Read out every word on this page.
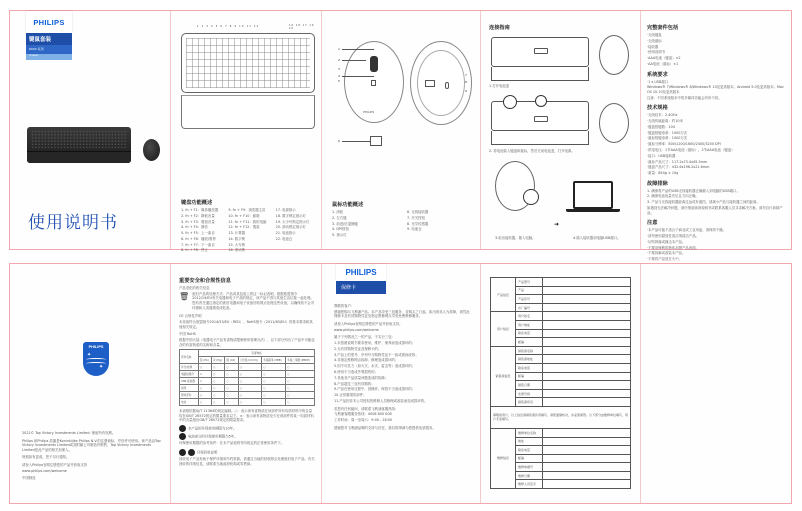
PHILIPS
键鼠套装
6000 系列
SPT6608
使用说明书
1 2 3 4 5 6 7 8 9 10 11 12	16 18 17 19 20
键盘功能概述

1. fn + F1：媒体播放器

2. fn + F2：降低音量

3. fn + F3：增加音量

4. fn + F4：静音

5. fn + F5：上一曲目

6. fn + F6：播放/暂停

7. fn + F7：下一曲目

8. fn + F8：停止

9. fn + F9：浏览器主页

10. fn + F10：邮箱

11. fn + F11：我的电脑

12. fn + F12：搜索

13. 计算器

14. 数字锁

15. 大写锁

16. 滚动锁

17. 电源指示

18. 数字锁定指示灯

19. 大小写锁定指示灯

20. 滚动锁定指示灯

21. 电池指示

22. 电池仓

PHILIPS
1
2
3
4
5
7
8
9
6
鼠标功能概述

1. 滚轮

2. 左右键

3. 前进/后退侧键

4. DPI按钮

5. 指示灯

6. 无线接收器

7. 开关按钮

8. 光学传感器

9. 电池仓

连接指南
1.打开电池盖
2. 将电池装入键盘和鼠标，然后关闭电池盖，打开电源。
➜
3.取出接收器，插入电脑。	4.插入接收器到电脑USB端口。
完整套件包括

·无线键盘

·无线鼠标

·接收器

·使用说明书

·AAA电池（键盘）×2

·AA电池（鼠标）×1

系统要求

·1 x USB端口

Windows® 7/Windows® 8/Windows® 10及更高版本，Android 5.0及更高版本；Mac OS 10.10及更高版本

注意：不同系统版本中的多媒体功能会有所不同。

技术规格

·无线技术：2.4GHz

·无线传输距离：约10米

·键盘按键数：104

·键盘按键寿命：1000万次

·鼠标按键寿命：1000万次

·鼠标分辨率：800/1200/1600/2400/3200 DPI

·供电电压：1节AAA电池（鼠标），2节AAA电池（键盘）

·接口：USB接收器

·鼠标产品尺寸：117.2x73.4x45.5mm

·键盘产品尺寸：432.6x196.2x21.6mm

·重量：854g ± 10g

故障排除

1. 确保将产品的USB无线接收器正确插入到电脑的USB端口。

2. 确保电池电量充足且方向正确。

3. 产品与无线接收器距离过远或有遮挡，请减小产品与接收器之间的距离。

如遇到无法解决问题，请仔细阅读该说明书或联系客服人员寻求解决方案。请勿自行拆卸产品。

注意

·本产品可能不适合于商业或工业用途，请保持干燥。

·请勿使用腐蚀性清洁剂清洁产品。

·切勿摔落或撞击本产品。

·不要用锋利的物体刮擦产品表面。

·不要拆解或改装本产品。

·不要将产品放在火中。

PHILIPS
✦
✦

2021© Top Victory Investments Limited. 保留所有权利。

Philips 和Philips 盾徽是Koninklijke Philips N.V.的注册商标，并经许可使用。该产品由Top Victory Investments Limited或其附属公司制造并销售，Top Victory Investments Limited是此产品的相关担保人。

规格如有更改，恕不另行通知。

请登入Philips官网注册您的产品并获取支持

www.philips.com/welcome

中国制造

重要安全和合规性信息

产品旧化的相关信息

🗑 废旧产品的处理方式：产品或其包装上的这一标记表明，根据欧盟指令2012/19/EU有关电器和电子产品的规定，该产品不得与其他生活垃圾一起处理。您有责任通过指定的废旧电器和电子设备回收网点处理这些设备，以确保其不会对环境和人类健康造成危害。

CE 合规性声明

本设备符合欧盟指令2014/53/EU（RED）、RoHS指令（2011/65/EU）的基本要求和其他相关规定。

中国 RoHS

根据中国大陆《电器电子产品有害物质限制使用管理办法》，以下部分列出了产品中可能包含的有害物质的名称和含量。

部件名称	有害物质					
	铅 (Pb)	汞 (Hg)	镉 (Cd)	六价铬 (Cr(VI))	多溴联苯 (PBB)	多溴二苯醚 (PBDE)
外壳/按键	○	○	○	○	○	○
电路板组件	×	○	○	○	○	○
USB 接收器	×	○	○	○	○	○
线缆	○	○	○	○	○	○
塑料部件	○	○	○	○	○	○
电池	○	○	○	○	○	○

本表格依据SJ/T 11364的规定编制。○：表示该有害物质在该部件所有均质材料中的含量均在GB/T 26572规定的限量要求以下。×：表示该有害物质至少在该部件的某一均质材料中的含量超出GB/T 26572规定的限量要求。

本产品的环保使用期限为10年。

电池部分的环保使用期限为5年。

环保使用期限的参考条件：在本产品说明书所规定的正常使用条件下。

环保回收说明

回收电子产品有助于保护环境和节约资源。请通过当地的回收网点处理废旧电子产品。有关回收的详细信息，请联系当地政府机构或零售商。

PHILIPS
保修卡

尊敬的客户：

感谢您购买飞利浦产品。本产品享受三包服务，自购买之日起，如出现非人为故障，请凭此保修卡及有效购物凭证至指定维修网点享受免费维修服务。

请登入Philips官网注册您的产品并获取支持。

www.philips.com/welcome

属于下列情况之一的产品，不实行三包：

1.未按照说明书要求使用、维护、保养而造成损坏的；

2.无有效购物凭证及保修卡的；

3.产品上的型号、序列号与购物凭证不一致或被涂改的；

4.非指定维修网点拆卸、修理造成损坏的；

5.因不可抗力（如火灾、水灾、雷击等）造成损坏的；

6.使用不当造成外观损伤的；

7.其他非产品质量问题造成的故障；

8.产品超过三包有效期的；

9.产品在使用过程中，因操作、保管不当造成损坏的；

10.正常磨损的部件；

11.产品因非本公司授权的维修人员修理或改装而造成损坏的。

若您有任何疑问，请联系飞利浦客服热线：

飞利浦客服服务热线：4008 800 008

工作时间：周一至周六：9:00 - 18:00

感谢您对飞利浦品牌的支持与信任，我们将竭诚为您提供优质服务。

产品信息	产品型号	
	产品	
	产品序号	
	出厂编号	
用户信息	用户姓名	
	用户地址	
	联系电话	
	邮编	
销售商信息	销售商名称	
	销售商地址	
	联系电话	
	邮编	
	销售日期	
	发票号码	
	销售商印章	
尊敬的用户，以上信息请销售商负责填写，请您谨慎核对，并妥善保管。以下部分由维修单位填写，用户无需填写。		
维修信息	维修单位名称	
	地址	
	联系电话	
	邮编	
	维修单据号	
	维修日期	
	维修人员签字	
